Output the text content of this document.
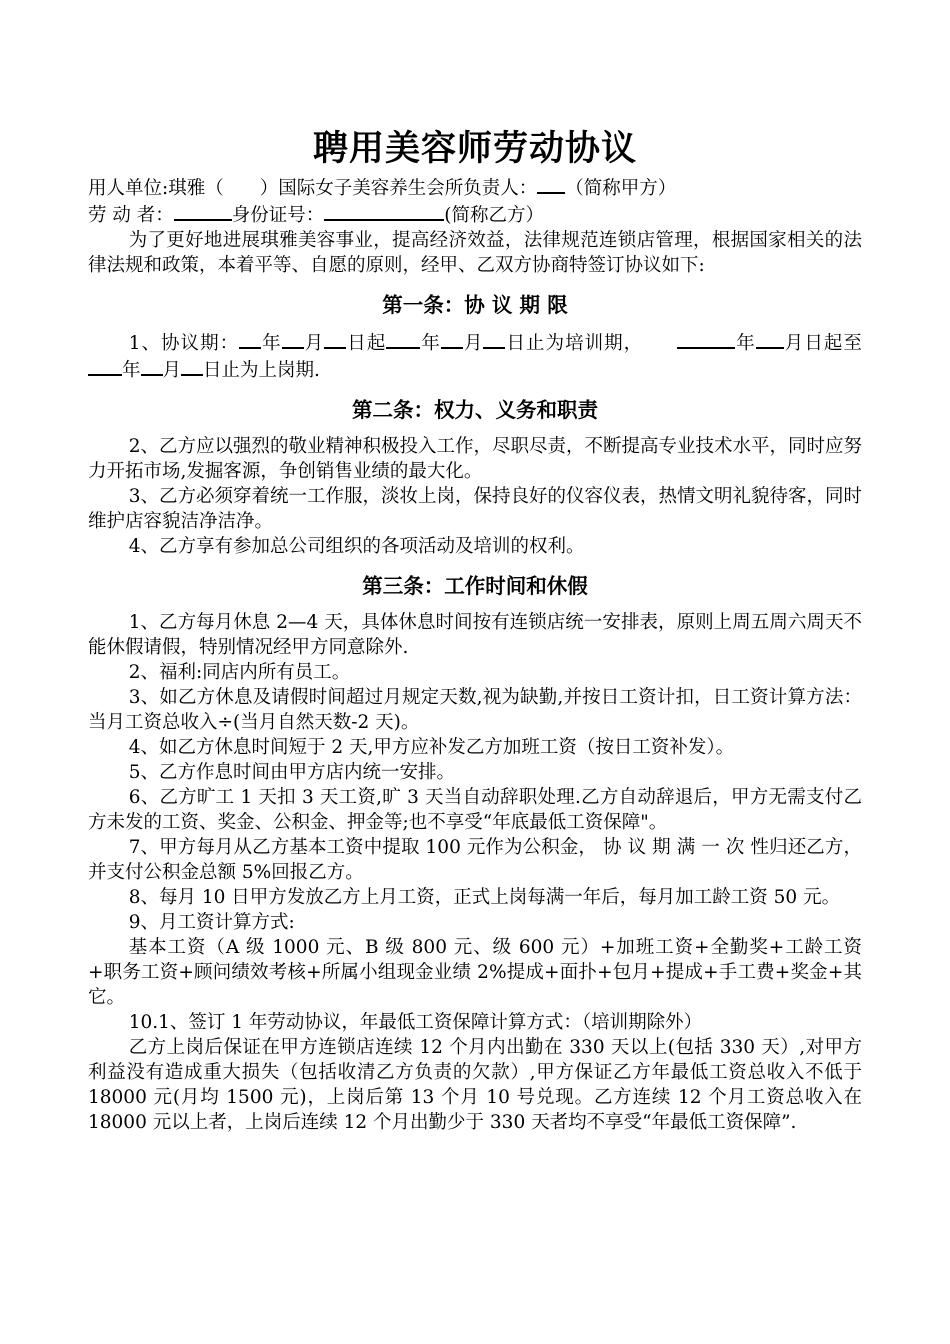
聘用美容师劳动协议

用人单位:琪雅（ ）国际女子美容养生会所负责人： （简称甲方）

劳 动 者：	身份证号：	(简称乙方）

为了更好地进展琪雅美容事业，提高经济效益，法律规范连锁店管理，根据国家相关的法律法规和政策，本着平等、自愿的原则，经甲、乙双方协商特签订协议如下:

第一条：协 议 期 限

1、协议期： 年 月 日起 年 月 日止为培训期，	年 月日起至年 月 日止为上岗期.

第二条：权力、义务和职责

2、乙方应以强烈的敬业精神积极投入工作，尽职尽责，不断提高专业技术水平，同时应努力开拓市场,发掘客源，争创销售业绩的最大化。

3、乙方必须穿着统一工作服，淡妆上岗，保持良好的仪容仪表，热情文明礼貌待客，同时维护店容貌洁净洁净。

4、乙方享有参加总公司组织的各项活动及培训的权利。

第三条：工作时间和休假

1、乙方每月休息 2—4 天，具体休息时间按有连锁店统一安排表，原则上周五周六周天不能休假请假，特别情况经甲方同意除外.

2、福利:同店内所有员工。

3、如乙方休息及请假时间超过月规定天数,视为缺勤,并按日工资计扣，日工资计算方法：当月工资总收入÷(当月自然天数-2 天)。

4、如乙方休息时间短于 2 天,甲方应补发乙方加班工资（按日工资补发）。

5、乙方作息时间由甲方店内统一安排。

6、乙方旷工 1 天扣 3 天工资,旷 3 天当自动辞职处理.乙方自动辞退后，甲方无需支付乙方未发的工资、奖金、公积金、押金等;也不享受“年底最低工资保障"。

7、甲方每月从乙方基本工资中提取 100 元作为公积金， 协 议 期 满 一 次 性归还乙方，并支付公积金总额 5%回报乙方。

8、每月 10 日甲方发放乙方上月工资，正式上岗每满一年后，每月加工龄工资 50 元。

9、月工资计算方式:

基本工资（A 级 1000 元、B 级 800 元、级 600 元）+加班工资+全勤奖+工龄工资+职务工资+顾问绩效考核+所属小组现金业绩 2%提成+面扑+包月+提成+手工费+奖金+其它。

10.1、签订 1 年劳动协议，年最低工资保障计算方式：（培训期除外）

乙方上岗后保证在甲方连锁店连续 12 个月内出勤在 330 天以上(包括 330 天）,对甲方利益没有造成重大损失（包括收清乙方负责的欠款）,甲方保证乙方年最低工资总收入不低于 18000 元(月均 1500 元)，上岗后第 13 个月 10 号兑现。乙方连续 12 个月工资总收入在 18000 元以上者，上岗后连续 12 个月出勤少于 330 天者均不享受“年最低工资保障”.
